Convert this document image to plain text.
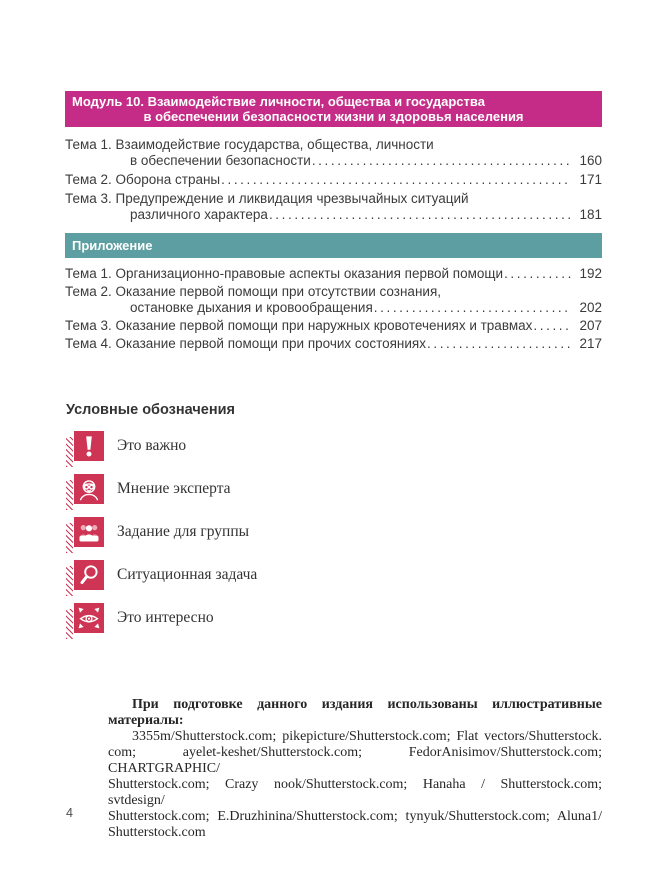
Модуль 10. Взаимодействие личности, общества и государства
в обеспечении безопасности жизни и здоровья населения
Тема 1. Взаимодействие государства, общества, личности
в обеспечении безопасности .....	160
Тема 2. Оборона страны .....	171
Тема 3. Предупреждение и ликвидация чрезвычайных ситуаций
различного характера .....	181
Приложение
Тема 1. Организационно-правовые аспекты оказания первой помощи .....	192
Тема 2. Оказание первой помощи при отсутствии сознания,
остановке дыхания и кровообращения .....	202
Тема 3. Оказание первой помощи при наружных кровотечениях и травмах .....	207
Тема 4. Оказание первой помощи при прочих состояниях .....	217
Условные обозначения
Это важно
Мнение эксперта
Задание для группы
Ситуационная задача
Это интересно
При подготовке данного издания использованы иллюстративные материалы:
3355m/Shutterstock.com; pikepicture/Shutterstock.com; Flat vectors/Shutterstock.
com; ayelet-keshet/Shutterstock.com; FedorAnisimov/Shutterstock.com; CHARTGRAPHIC/
Shutterstock.com; Crazy nook/Shutterstock.com; Hanaha / Shutterstock.com; svtdesign/
Shutterstock.com; E.Druzhinina/Shutterstock.com; tynyuk/Shutterstock.com; Aluna1/
Shutterstock.com
4
